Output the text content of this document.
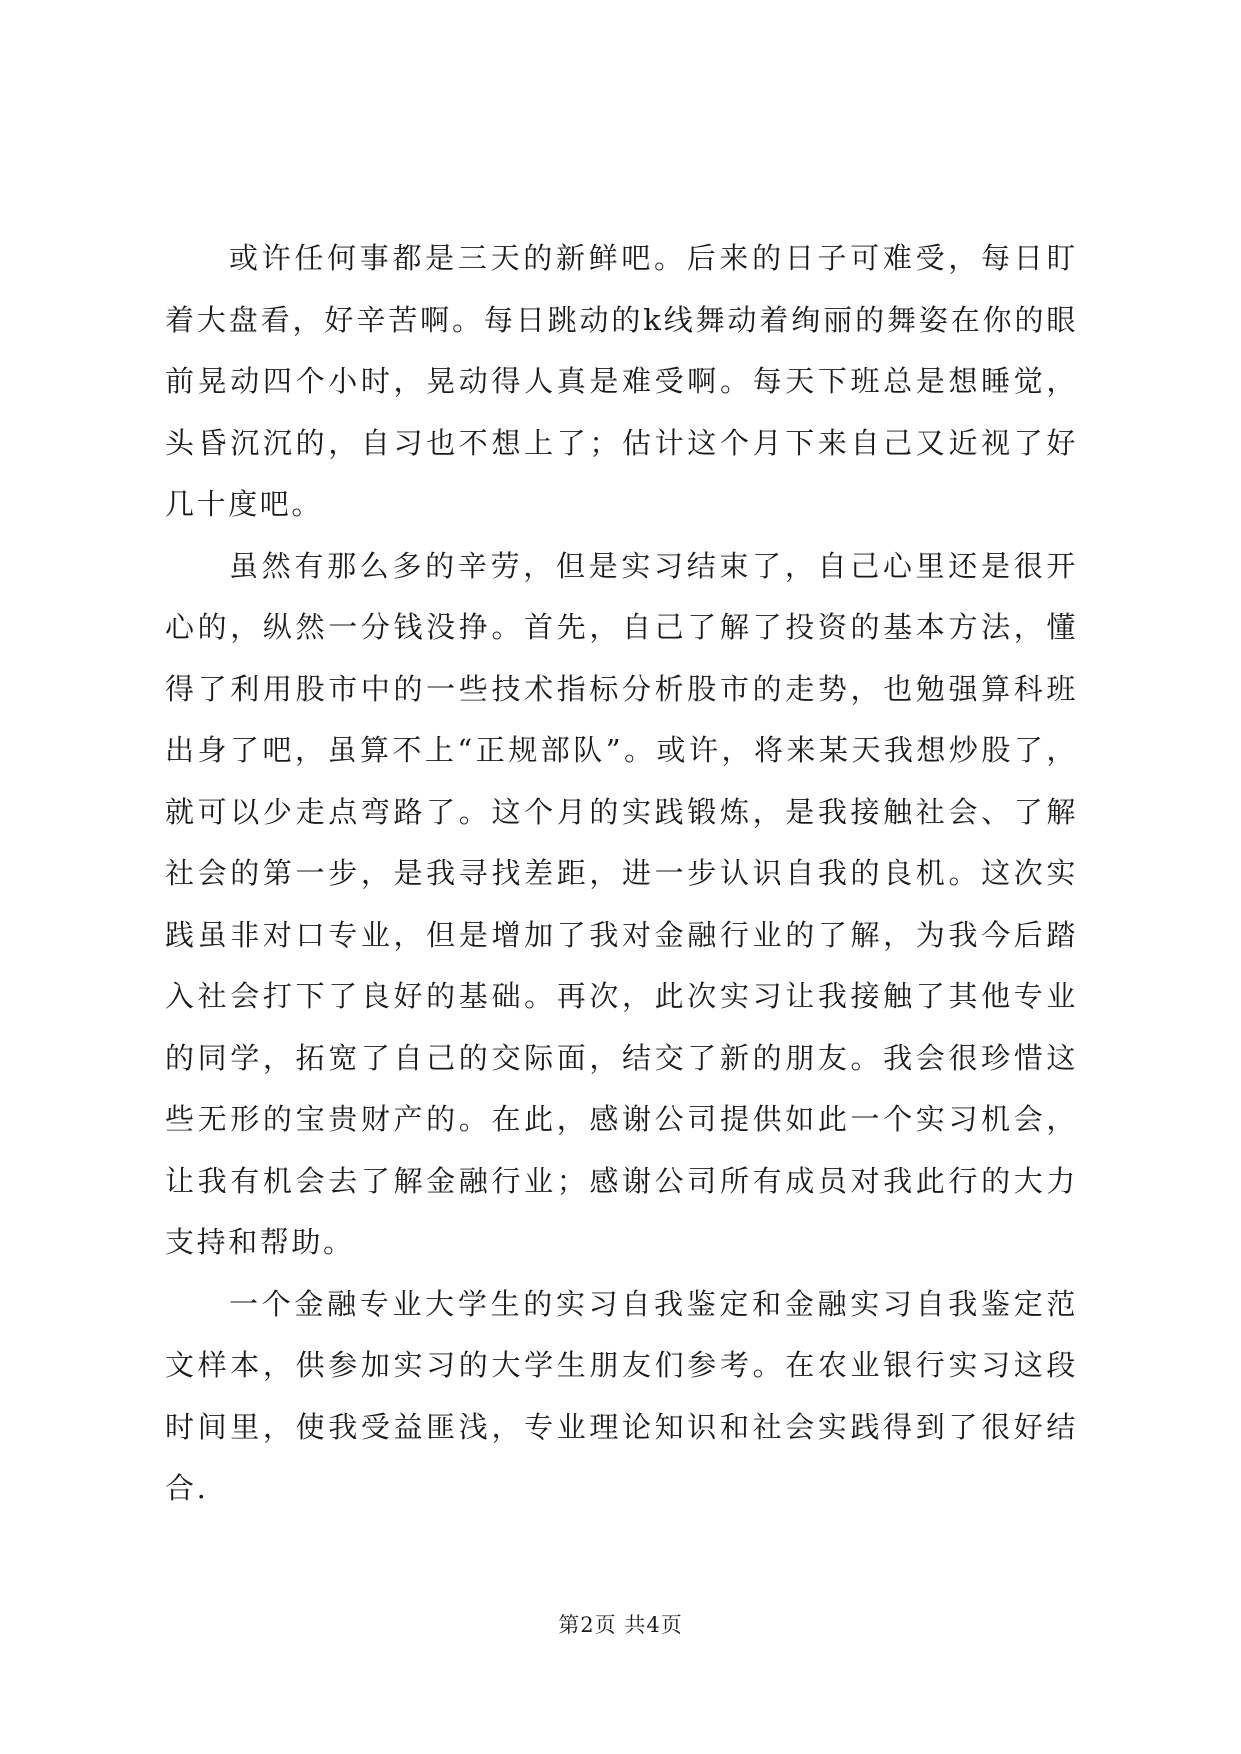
或许任何事都是三天的新鲜吧。后来的日子可难受，每日盯着大盘看，好辛苦啊。每日跳动的k线舞动着绚丽的舞姿在你的眼前晃动四个小时，晃动得人真是难受啊。每天下班总是想睡觉，头昏沉沉的，自习也不想上了；估计这个月下来自己又近视了好几十度吧。

虽然有那么多的辛劳，但是实习结束了，自己心里还是很开心的，纵然一分钱没挣。首先，自己了解了投资的基本方法，懂得了利用股市中的一些技术指标分析股市的走势，也勉强算科班出身了吧，虽算不上“正规部队”。或许，将来某天我想炒股了，就可以少走点弯路了。这个月的实践锻炼，是我接触社会、了解社会的第一步，是我寻找差距，进一步认识自我的良机。这次实践虽非对口专业，但是增加了我对金融行业的了解，为我今后踏入社会打下了良好的基础。再次，此次实习让我接触了其他专业的同学，拓宽了自己的交际面，结交了新的朋友。我会很珍惜这些无形的宝贵财产的。在此，感谢公司提供如此一个实习机会，让我有机会去了解金融行业；感谢公司所有成员对我此行的大力支持和帮助。

一个金融专业大学生的实习自我鉴定和金融实习自我鉴定范文样本，供参加实习的大学生朋友们参考。在农业银行实习这段时间里，使我受益匪浅，专业理论知识和社会实践得到了很好结合.

第2页 共4页
